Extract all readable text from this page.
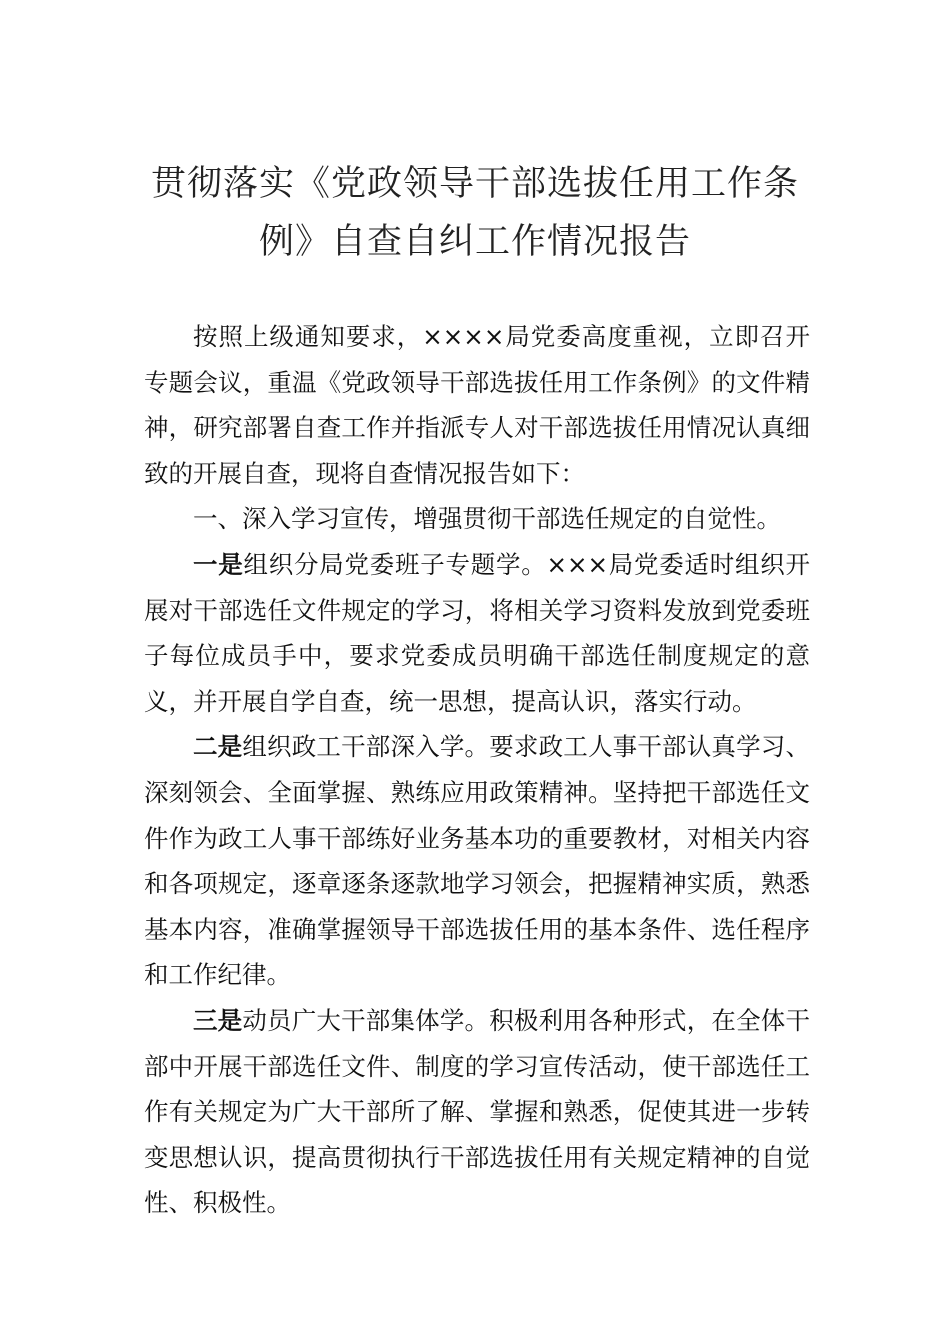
贯彻落实《党政领导干部选拔任用工作条
例》自查自纠工作情况报告

按照上级通知要求，××××局党委高度重视，立即召开专题会议，重温《党政领导干部选拔任用工作条例》的文件精神，研究部署自查工作并指派专人对干部选拔任用情况认真细致的开展自查，现将自查情况报告如下：

一、深入学习宣传，增强贯彻干部选任规定的自觉性。

一是组织分局党委班子专题学。×××局党委适时组织开展对干部选任文件规定的学习，将相关学习资料发放到党委班子每位成员手中，要求党委成员明确干部选任制度规定的意义，并开展自学自查，统一思想，提高认识，落实行动。

二是组织政工干部深入学。要求政工人事干部认真学习、深刻领会、全面掌握、熟练应用政策精神。坚持把干部选任文件作为政工人事干部练好业务基本功的重要教材，对相关内容和各项规定，逐章逐条逐款地学习领会，把握精神实质，熟悉基本内容，准确掌握领导干部选拔任用的基本条件、选任程序和工作纪律。

三是动员广大干部集体学。积极利用各种形式，在全体干部中开展干部选任文件、制度的学习宣传活动，使干部选任工作有关规定为广大干部所了解、掌握和熟悉，促使其进一步转变思想认识，提高贯彻执行干部选拔任用有关规定精神的自觉性、积极性。
